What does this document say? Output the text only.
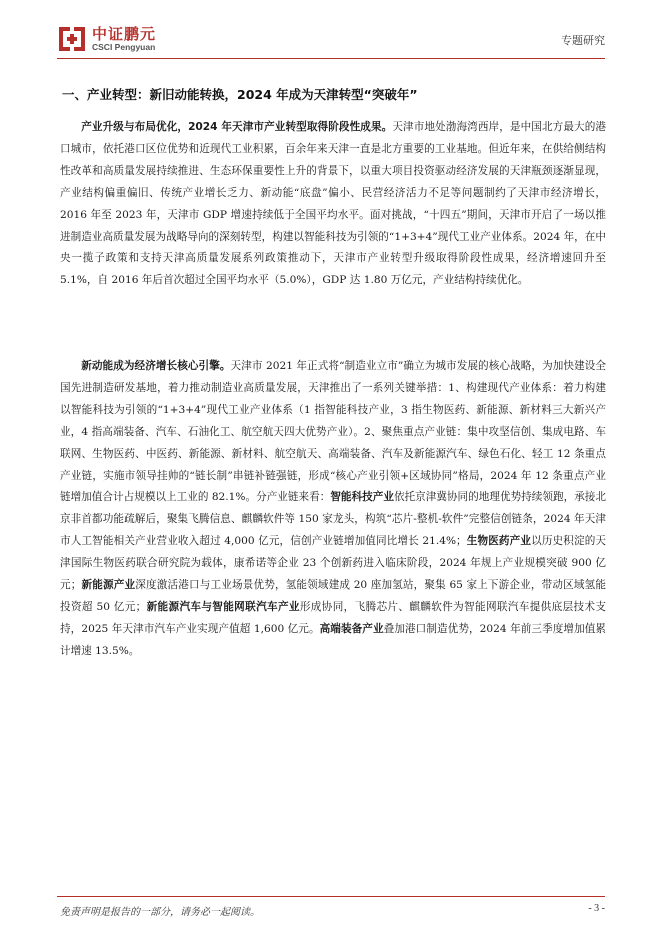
中证鹏元
CSCI Pengyuan	专题研究
一、产业转型：新旧动能转换，2024 年成为天津转型“突破年”

产业升级与布局优化，2024 年天津市产业转型取得阶段性成果。天津市地处渤海湾西岸，是中国北方最大的港口城市，依托港口区位优势和近现代工业积累，百余年来天津一直是北方重要的工业基地。但近年来，在供给侧结构性改革和高质量发展持续推进、生态环保重要性上升的背景下，以重大项目投资驱动经济发展的天津瓶颈逐渐显现，产业结构偏重偏旧、传统产业增长乏力、新动能“底盘”偏小、民营经济活力不足等问题制约了天津市经济增长，2016 年至 2023 年，天津市 GDP 增速持续低于全国平均水平。面对挑战，“十四五”期间，天津市开启了一场以推进制造业高质量发展为战略导向的深刻转型，构建以智能科技为引领的“1+3+4”现代工业产业体系。2024 年，在中央一揽子政策和支持天津高质量发展系列政策推动下，天津市产业转型升级取得阶段性成果，经济增速回升至 5.1%，自 2016 年后首次超过全国平均水平（5.0%），GDP 达 1.80 万亿元，产业结构持续优化。

新动能成为经济增长核心引擎。天津市 2021 年正式将“制造业立市”确立为城市发展的核心战略，为加快建设全国先进制造研发基地，着力推动制造业高质量发展，天津推出了一系列关键举措：1、构建现代产业体系：着力构建以智能科技为引领的“1+3+4”现代工业产业体系（1 指智能科技产业，3 指生物医药、新能源、新材料三大新兴产业，4 指高端装备、汽车、石油化工、航空航天四大优势产业）。2、聚焦重点产业链：集中攻坚信创、集成电路、车联网、生物医药、中医药、新能源、新材料、航空航天、高端装备、汽车及新能源汽车、绿色石化、轻工 12 条重点产业链，实施市领导挂帅的“链长制”串链补链强链，形成“核心产业引领+区域协同”格局，2024 年 12 条重点产业链增加值合计占规模以上工业的 82.1%。分产业链来看：智能科技产业依托京津冀协同的地理优势持续领跑，承接北京非首都功能疏解后，聚集飞腾信息、麒麟软件等 150 家龙头，构筑“芯片-整机-软件”完整信创链条，2024 年天津市人工智能相关产业营业收入超过 4,000 亿元，信创产业链增加值同比增长 21.4%；生物医药产业以历史积淀的天津国际生物医药联合研究院为载体，康希诺等企业 23 个创新药进入临床阶段，2024 年规上产业规模突破 900 亿元；新能源产业深度激活港口与工业场景优势，氢能领域建成 20 座加氢站，聚集 65 家上下游企业，带动区域氢能投资超 50 亿元；新能源汽车与智能网联汽车产业形成协同，飞腾芯片、麒麟软件为智能网联汽车提供底层技术支持，2025 年天津市汽车产业实现产值超 1,600 亿元。高端装备产业叠加港口制造优势，2024 年前三季度增加值累计增速 13.5%。

免责声明是报告的一部分，请务必一起阅读。	- 3 -
